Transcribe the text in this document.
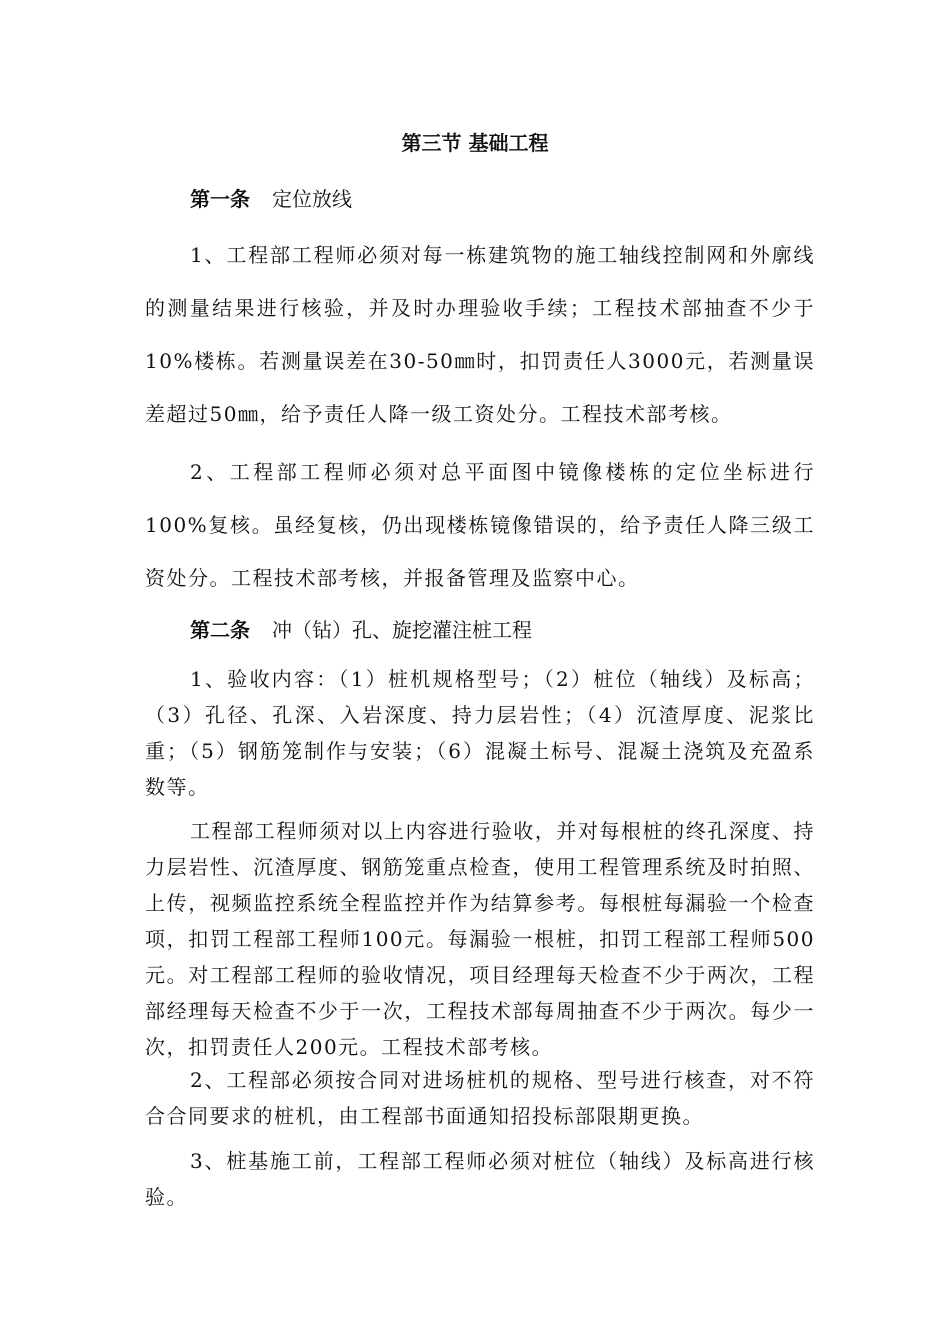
第三节 基础工程
第一条 定位放线

1、工程部工程师必须对每一栋建筑物的施工轴线控制网和外廓线的测量结果进行核验，并及时办理验收手续；工程技术部抽查不少于10%楼栋。若测量误差在30-50㎜时，扣罚责任人3000元，若测量误差超过50㎜，给予责任人降一级工资处分。工程技术部考核。

2、工程部工程师必须对总平面图中镜像楼栋的定位坐标进行100%复核。虽经复核，仍出现楼栋镜像错误的，给予责任人降三级工资处分。工程技术部考核，并报备管理及监察中心。

第二条 冲（钻）孔、旋挖灌注桩工程

1、验收内容：（1）桩机规格型号；（2）桩位（轴线）及标高；（3）孔径、孔深、入岩深度、持力层岩性；（4）沉渣厚度、泥浆比重；（5）钢筋笼制作与安装；（6）混凝土标号、混凝土浇筑及充盈系数等。

工程部工程师须对以上内容进行验收，并对每根桩的终孔深度、持力层岩性、沉渣厚度、钢筋笼重点检查，使用工程管理系统及时拍照、上传，视频监控系统全程监控并作为结算参考。每根桩每漏验一个检查项，扣罚工程部工程师100元。每漏验一根桩，扣罚工程部工程师500元。对工程部工程师的验收情况，项目经理每天检查不少于两次，工程部经理每天检查不少于一次，工程技术部每周抽查不少于两次。每少一次，扣罚责任人200元。工程技术部考核。

2、工程部必须按合同对进场桩机的规格、型号进行核查，对不符合合同要求的桩机，由工程部书面通知招投标部限期更换。

3、桩基施工前，工程部工程师必须对桩位（轴线）及标高进行核验。
